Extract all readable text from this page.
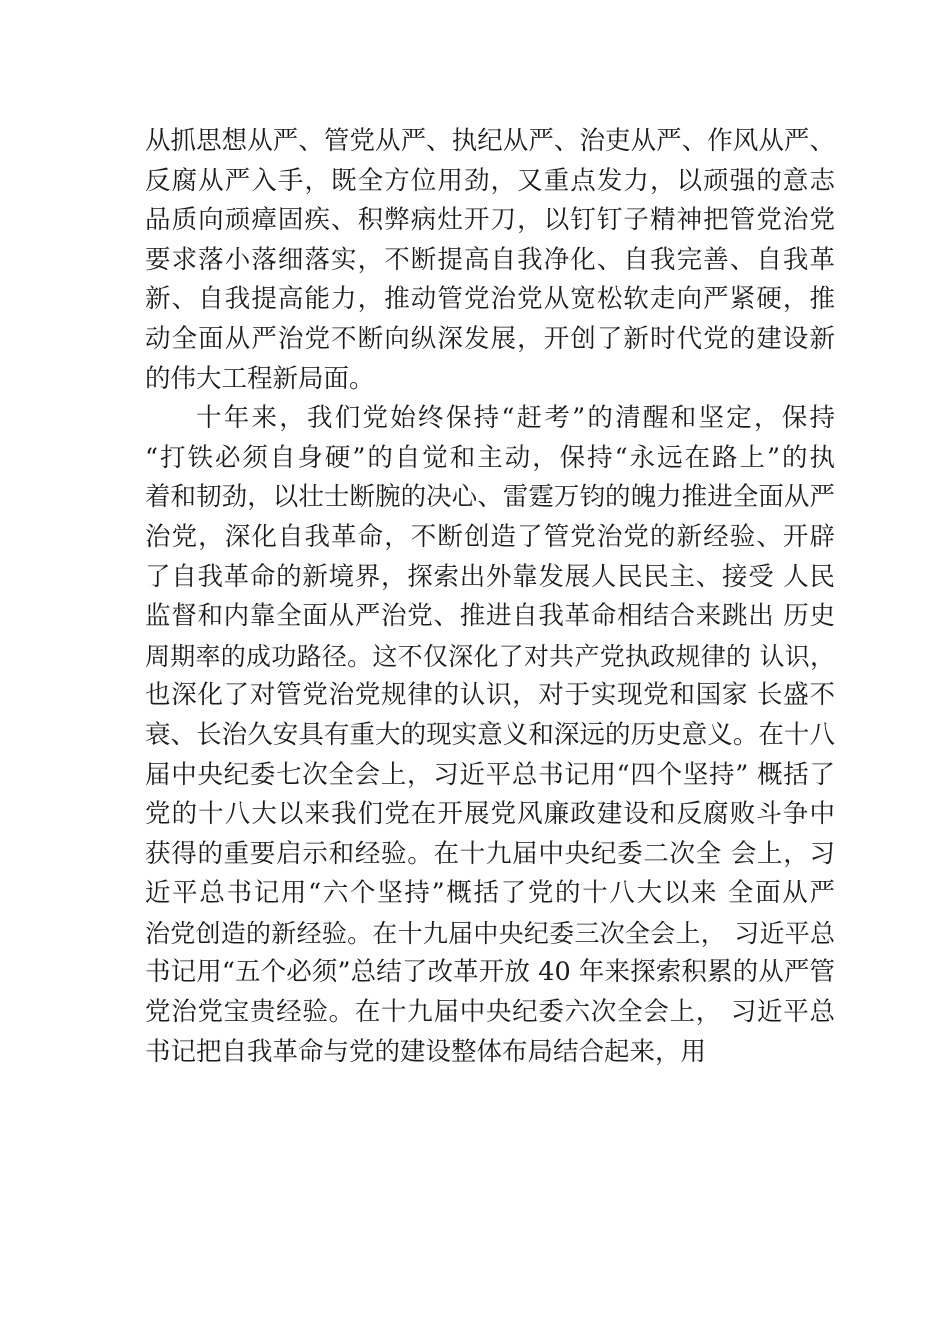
从抓思想从严、管党从严、执纪从严、治吏从严、作风从严、
反腐从严入手，既全方位用劲，又重点发力，以顽强的意志
品质向顽瘴固疾、积弊病灶开刀，以钉钉子精神把管党治党
要求落小落细落实，不断提高自我净化、自我完善、自我革
新、自我提高能力，推动管党治党从宽松软走向严紧硬，推
动全面从严治党不断向纵深发展，开创了新时代党的建设新
的伟大工程新局面。
十年来，我们党始终保持“赶考”的清醒和坚定，保持
“打铁必须自身硬”的自觉和主动，保持“永远在路上”的执
着和韧劲，以壮士断腕的决心、雷霆万钧的魄力推进全面从严
治党，深化自我革命，不断创造了管党治党的新经验、开辟
了自我革命的新境界，探索出外靠发展人民民主、接受 人民
监督和内靠全面从严治党、推进自我革命相结合来跳出 历史
周期率的成功路径。这不仅深化了对共产党执政规律的 认识，
也深化了对管党治党规律的认识，对于实现党和国家 长盛不
衰、长治久安具有重大的现实意义和深远的历史意义。在十八
届中央纪委七次全会上，习近平总书记用“四个坚持” 概括了
党的十八大以来我们党在开展党风廉政建设和反腐败斗争中
获得的重要启示和经验。在十九届中央纪委二次全 会上，习
近平总书记用“六个坚持”概括了党的十八大以来 全面从严
治党创造的新经验。在十九届中央纪委三次全会上， 习近平总
书记用“五个必须”总结了改革开放 40 年来探索积累的从严管
党治党宝贵经验。在十九届中央纪委六次全会上， 习近平总
书记把自我革命与党的建设整体布局结合起来，用
